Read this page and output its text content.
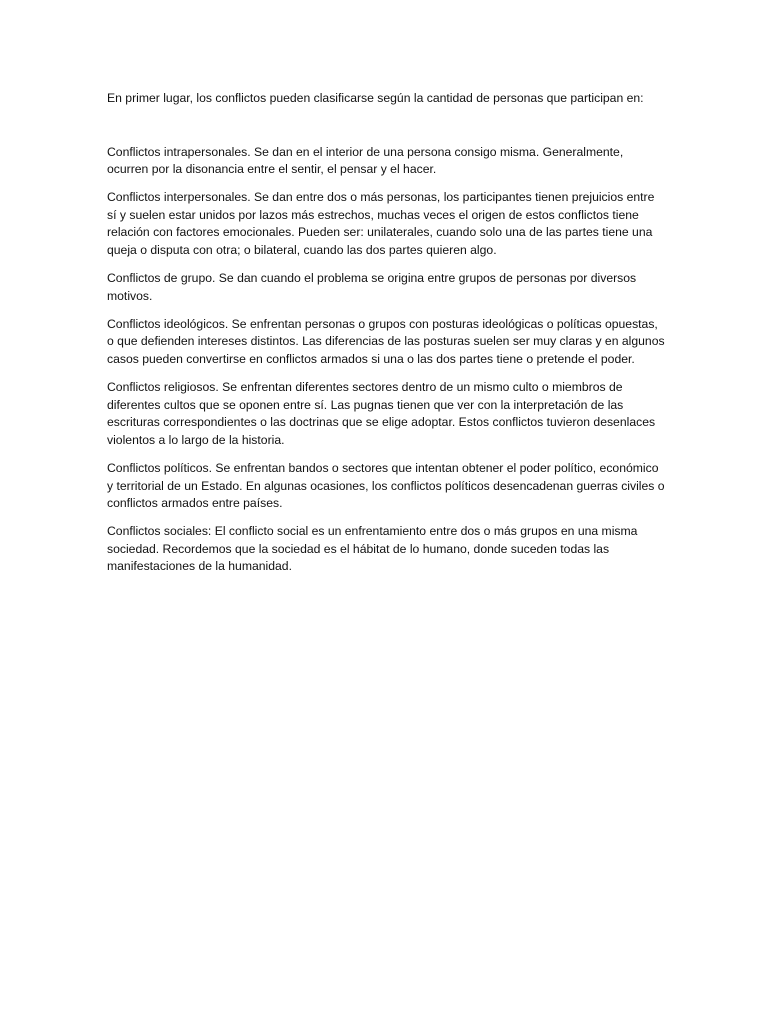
En primer lugar, los conflictos pueden clasificarse según la cantidad de personas que participan en:

Conflictos intrapersonales. Se dan en el interior de una persona consigo misma. Generalmente, ocurren por la disonancia entre el sentir, el pensar y el hacer.

Conflictos interpersonales. Se dan entre dos o más personas, los participantes tienen prejuicios entre sí y suelen estar unidos por lazos más estrechos, muchas veces el origen de estos conflictos tiene relación con factores emocionales. Pueden ser: unilaterales, cuando solo una de las partes tiene una queja o disputa con otra; o bilateral, cuando las dos partes quieren algo.

Conflictos de grupo. Se dan cuando el problema se origina entre grupos de personas por diversos motivos.

Conflictos ideológicos. Se enfrentan personas o grupos con posturas ideológicas o políticas opuestas, o que defienden intereses distintos. Las diferencias de las posturas suelen ser muy claras y en algunos casos pueden convertirse en conflictos armados si una o las dos partes tiene o pretende el poder.

Conflictos religiosos. Se enfrentan diferentes sectores dentro de un mismo culto o miembros de diferentes cultos que se oponen entre sí. Las pugnas tienen que ver con la interpretación de las escrituras correspondientes o las doctrinas que se elige adoptar. Estos conflictos tuvieron desenlaces violentos a lo largo de la historia.

Conflictos políticos. Se enfrentan bandos o sectores que intentan obtener el poder político, económico y territorial de un Estado. En algunas ocasiones, los conflictos políticos desencadenan guerras civiles o conflictos armados entre países.

Conflictos sociales: El conflicto social es un enfrentamiento entre dos o más grupos en una misma sociedad. Recordemos que la sociedad es el hábitat de lo humano, donde suceden todas las manifestaciones de la humanidad.
